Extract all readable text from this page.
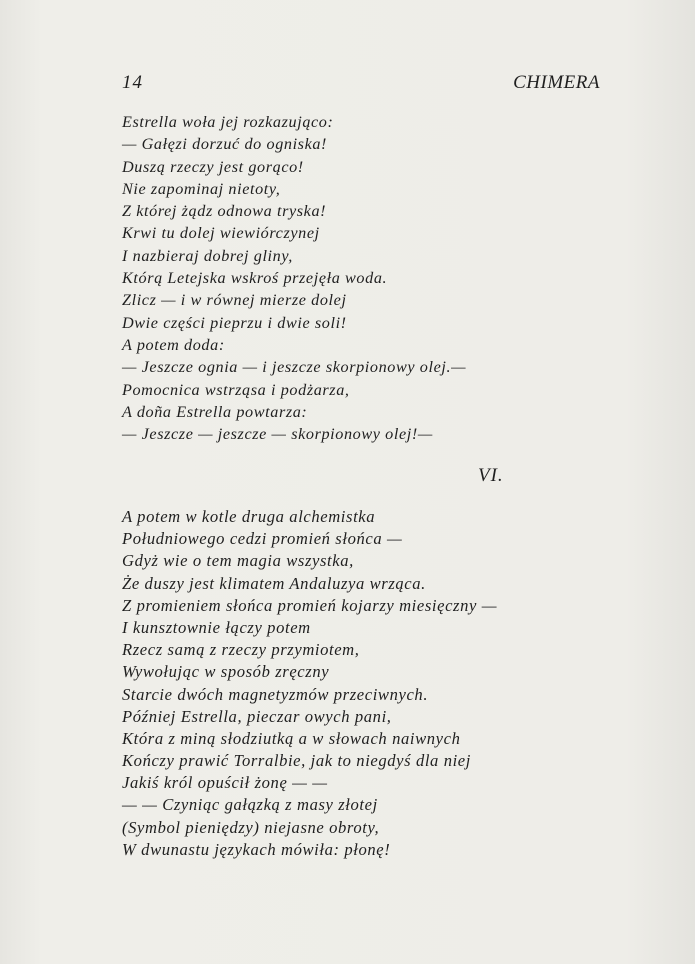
14	CHIMERA
Estrella woła jej rozkazująco:
— Gałęzi dorzuć do ogniska!
Duszą rzeczy jest gorąco!
Nie zapominaj nietoty,
Z której żądz odnowa tryska!
Krwi tu dolej wiewiórczynej
I nazbieraj dobrej gliny,
Którą Letejska wskroś przejęła woda.
Zlicz — i w równej mierze dolej
Dwie części pieprzu i dwie soli!
A potem doda:
— Jeszcze ognia — i jeszcze skorpionowy olej.—
Pomocnica wstrząsa i podżarza,
A doña Estrella powtarza:
— Jeszcze — jeszcze — skorpionowy olej!—
VI.
A potem w kotle druga alchemistka
Południowego cedzi promień słońca —
Gdyż wie o tem magia wszystka,
Że duszy jest klimatem Andaluzya wrząca.
Z promieniem słońca promień kojarzy miesięczny —
I kunsztownie łączy potem
Rzecz samą z rzeczy przymiotem,
Wywołując w sposób zręczny
Starcie dwóch magnetyzmów przeciwnych.
Później Estrella, pieczar owych pani,
Która z miną słodziutką a w słowach naiwnych
Kończy prawić Torralbie, jak to niegdyś dla niej
Jakiś król opuścił żonę — —
— — Czyniąc gałązką z masy złotej
(Symbol pieniędzy) niejasne obroty,
W dwunastu językach mówiła: płonę!
